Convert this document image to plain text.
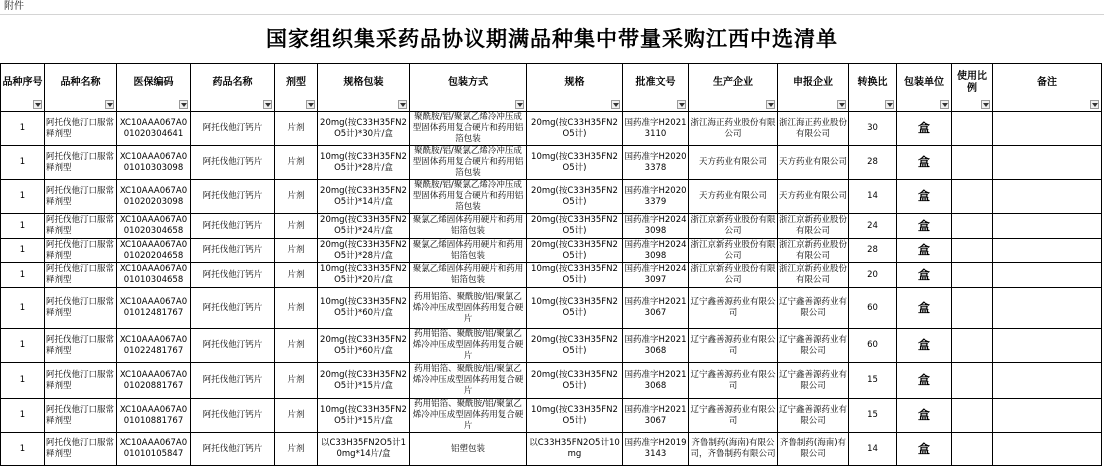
附件
国家组织集采药品协议期满品种集中带量采购江西中选清单
品种序号	品种名称	医保编码	药品名称	剂型	规格包装	包装方式	规格	批准文号	生产企业	申报企业	转换比	包装单位	使用比例	备注

1	阿托伐他汀口服常释剂型	XC10AAA067A001020304641	阿托伐他汀钙片	片剂	20mg(按C33H35FN2O5计)*30片/盒	聚酰胺/铝/聚氯乙烯冷冲压成型固体药用复合硬片和药用铝箔包装	20mg(按C33H35FN2O5计)	国药准字H20213110	浙江海正药业股份有限公司	浙江海正药业股份有限公司	30	盒		
1	阿托伐他汀口服常释剂型	XC10AAA067A001010303098	阿托伐他汀钙片	片剂	10mg(按C33H35FN2O5计)*28片/盒	聚酰胺/铝/聚氯乙烯冷冲压成型固体药用复合硬片和药用铝箔包装	10mg(按C33H35FN2O5计)	国药准字H20203378	天方药业有限公司	天方药业有限公司	28	盒		
1	阿托伐他汀口服常释剂型	XC10AAA067A001020203098	阿托伐他汀钙片	片剂	20mg(按C33H35FN2O5计)*14片/盒	聚酰胺/铝/聚氯乙烯冷冲压成型固体药用复合硬片和药用铝箔包装	20mg(按C33H35FN2O5计)	国药准字H20203379	天方药业有限公司	天方药业有限公司	14	盒		
1	阿托伐他汀口服常释剂型	XC10AAA067A001020304658	阿托伐他汀钙片	片剂	20mg(按C33H35FN2O5计)*24片/盒	聚氯乙烯固体药用硬片和药用铝箔包装	20mg(按C33H35FN2O5计)	国药准字H20243098	浙江京新药业股份有限公司	浙江京新药业股份有限公司	24	盒		
1	阿托伐他汀口服常释剂型	XC10AAA067A001020204658	阿托伐他汀钙片	片剂	20mg(按C33H35FN2O5计)*28片/盒	聚氯乙烯固体药用硬片和药用铝箔包装	20mg(按C33H35FN2O5计)	国药准字H20243098	浙江京新药业股份有限公司	浙江京新药业股份有限公司	28	盒		
1	阿托伐他汀口服常释剂型	XC10AAA067A001010304658	阿托伐他汀钙片	片剂	10mg(按C33H35FN2O5计)*20片/盒	聚氯乙烯固体药用硬片和药用铝箔包装	10mg(按C33H35FN2O5计)	国药准字H20243097	浙江京新药业股份有限公司	浙江京新药业股份有限公司	20	盒		
1	阿托伐他汀口服常释剂型	XC10AAA067A001012481767	阿托伐他汀钙片	片剂	10mg(按C33H35FN2O5计)*60片/盒	药用铝箔、聚酰胺/铝/聚氯乙烯冷冲压成型固体药用复合硬片	10mg(按C33H35FN2O5计)	国药准字H20213067	辽宁鑫善源药业有限公司	辽宁鑫善源药业有限公司	60	盒		
1	阿托伐他汀口服常释剂型	XC10AAA067A001022481767	阿托伐他汀钙片	片剂	20mg(按C33H35FN2O5计)*60片/盒	药用铝箔、聚酰胺/铝/聚氯乙烯冷冲压成型固体药用复合硬片	20mg(按C33H35FN2O5计)	国药准字H20213068	辽宁鑫善源药业有限公司	辽宁鑫善源药业有限公司	60	盒		
1	阿托伐他汀口服常释剂型	XC10AAA067A001020881767	阿托伐他汀钙片	片剂	20mg(按C33H35FN2O5计)*15片/盒	药用铝箔、聚酰胺/铝/聚氯乙烯冷冲压成型固体药用复合硬片	20mg(按C33H35FN2O5计)	国药准字H20213068	辽宁鑫善源药业有限公司	辽宁鑫善源药业有限公司	15	盒		
1	阿托伐他汀口服常释剂型	XC10AAA067A001010881767	阿托伐他汀钙片	片剂	10mg(按C33H35FN2O5计)*15片/盒	药用铝箔、聚酰胺/铝/聚氯乙烯冷冲压成型固体药用复合硬片	10mg(按C33H35FN2O5计)	国药准字H20213067	辽宁鑫善源药业有限公司	辽宁鑫善源药业有限公司	15	盒		
1	阿托伐他汀口服常释剂型	XC10AAA067A001010105847	阿托伐他汀钙片	片剂	以C33H35FN2O5计10mg*14片/盒	铝塑包装	以C33H35FN2O5计10mg	国药准字H20193143	齐鲁制药(海南)有限公司，齐鲁制药有限公司	齐鲁制药(海南)有限公司	14	盒		
